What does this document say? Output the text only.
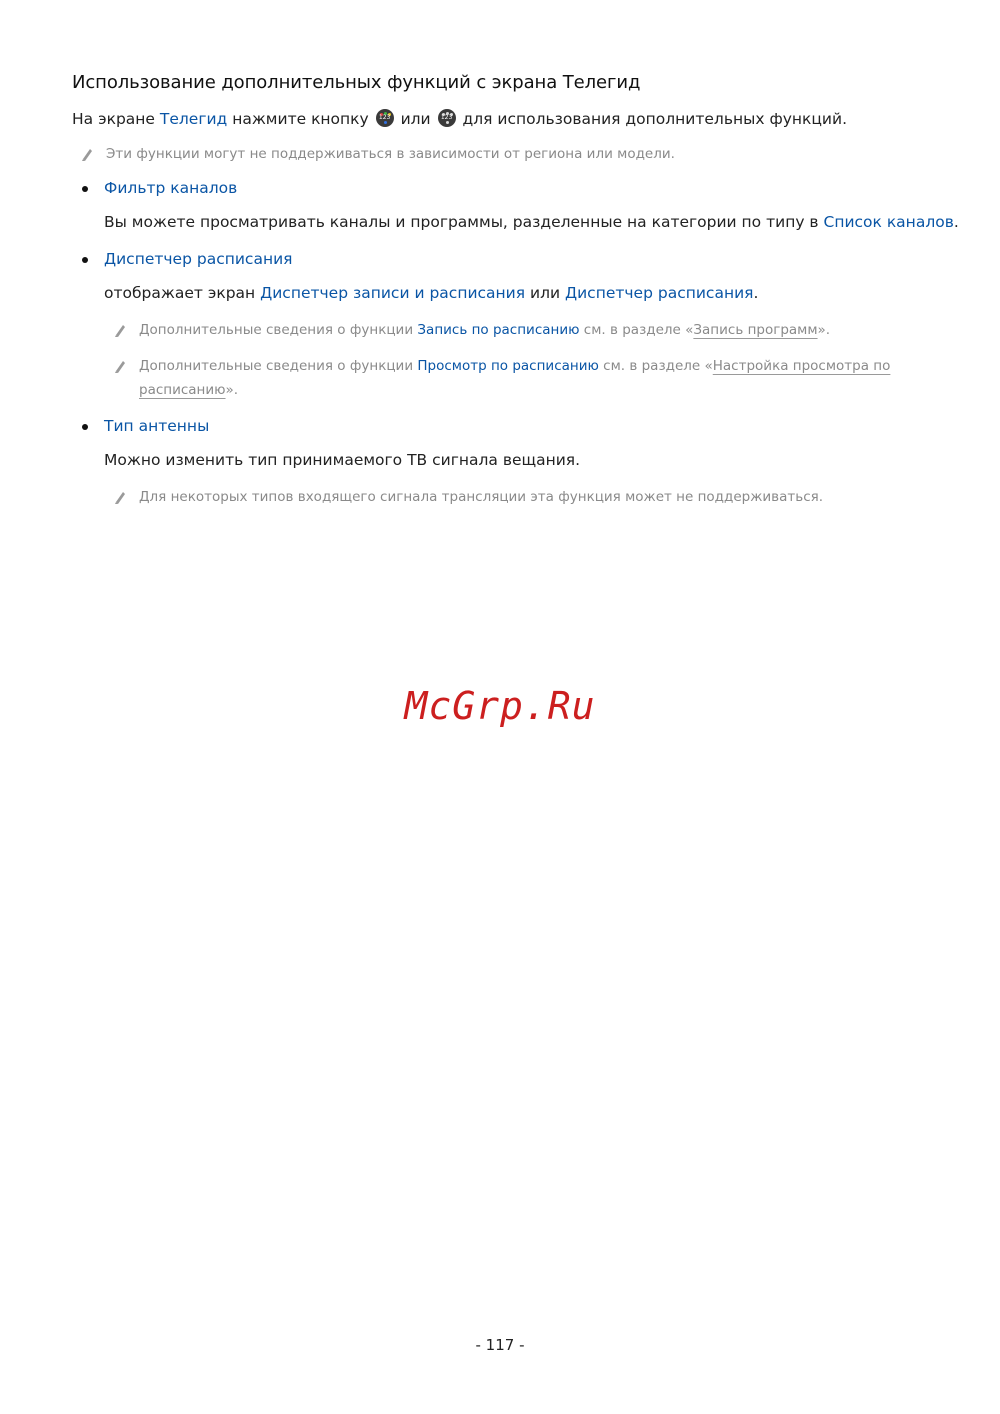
Использование дополнительных функций с экрана Телегид
На экране Телегид нажмите кнопку 123 или 123 для использования дополнительных функций.
Эти функции могут не поддерживаться в зависимости от региона или модели.
Фильтр каналов
Вы можете просматривать каналы и программы, разделенные на категории по типу в Список каналов.
Диспетчер расписания
отображает экран Диспетчер записи и расписания или Диспетчер расписания.
Дополнительные сведения о функции Запись по расписанию см. в разделе «Запись программ».
Дополнительные сведения о функции Просмотр по расписанию см. в разделе «Настройка просмотра по
расписанию».
Тип антенны
Можно изменить тип принимаемого ТВ сигнала вещания.
Для некоторых типов входящего сигнала трансляции эта функция может не поддерживаться.
McGrp.Ru
- 117 -
